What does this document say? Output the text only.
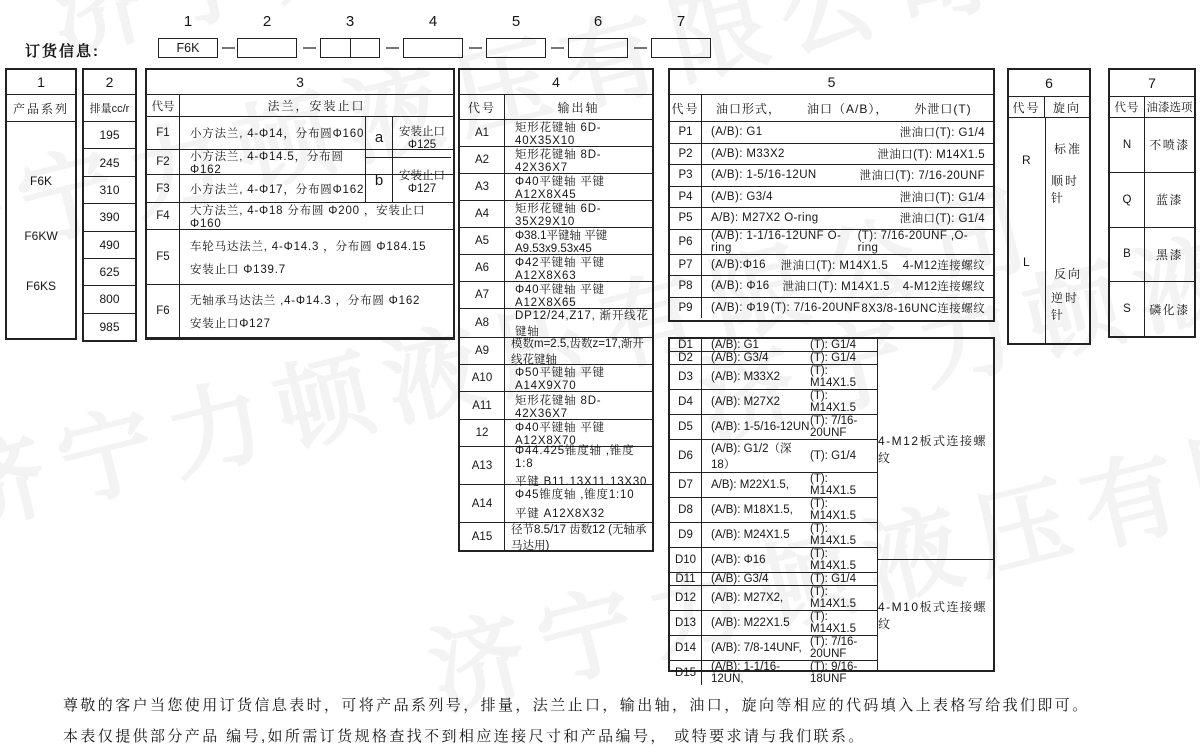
订货信息:
1	2	3	4	5	6	7
F6K
1
产品系列
F6K
F6KW
F6KS
2
排量cc/r
195
245
310
390
490
625
800
985
3
代号	法兰，安装止口
F1	小方法兰, 4-Φ14，分布圆Φ160
F2	小方法兰, 4-Φ14.5，分布圆Φ162
F3	小方法兰, 4-Φ17，分布圆Φ162
F4	大方法兰, 4-Φ18 分布圆 Φ200 ，安装止口Φ160
F5
车轮马达法兰, 4-Φ14.3 ，分布圆 Φ184.15
安装止口 Φ139.7
F6
无轴承马达法兰 ,4-Φ14.3 ，分布圆 Φ162
安装止口Φ127
a	安装止口
Φ125
b	安装止口
Φ127
4
代号	输出轴
A1	矩形花键轴 6D-40X35X10
A2	矩形花键轴 8D-42X36X7
A3	Φ40平键轴 平键A12X8X45
A4	矩形花键轴 6D-35X29X10
A5	Φ38.1平键轴 平键A9.53x9.53x45
A6	Φ42平键轴 平键A12X8X63
A7	Φ40平键轴 平键A12X8X65
A8
DP12/24,Z17, 渐开线花键轴
A9
模数m=2.5,齿数z=17,渐开线花键轴
A10	Φ50平键轴 平键A14X9X70
A11	矩形花键轴 8D-42X36X7
12	Φ40平键轴 平键A12X8X70
A13
Φ44.425锥度轴 ,锥度1:8
平键 B11.13X11.13X30
A14
Φ45锥度轴 ,锥度1:10
平键 A12X8X32
A15
径节8.5/17 齿数12 (无轴承马达用)
5
代号	油口形式，      油口（A/B），      外泄口(T)
P1	(A/B): G1	泄油口(T): G1/4
P2	(A/B): M33X2	泄油口(T): M14X1.5
P3	(A/B): 1-5/16-12UN	泄油口(T): 7/16-20UNF
P4	(A/B): G3/4	泄油口(T): G1/4
P5	A/B): M27X2 O-ring	泄油口(T): G1/4
P6	(A/B): 1-1/16-12UNF O-ring
(T): 7/16-20UNF ,O-ring
P7	(A/B):Φ16 泄油口(T): M14X1.5 4-M12连接螺纹
P8	(A/B): Φ16 泄油口(T): M14X1.5 4-M12连接螺纹
P9	(A/B): Φ19 (T): 7/16-20UNF 8X3/8-16UNC连接螺纹
D1	(A/B): G1	(T): G1/4
D2	(A/B): G3/4	(T): G1/4
D3	(A/B): M33X2	(T): M14X1.5
D4	(A/B): M27X2	(T): M14X1.5
D5	(A/B): 1-5/16-12UN (T): 7/16-20UNF
D6
(A/B): G1/2（深18）
(T): G1/4
D7	A/B): M22X1.5,	(T): M14X1.5
D8	(A/B): M18X1.5,	(T): M14X1.5
D9	(A/B): M24X1.5	(T): M14X1.5
D10	(A/B): Φ16	(T): M14X1.5
D11	(A/B): G3/4	(T): G1/4
D12	(A/B): M27X2,	(T): M14X1.5
D13	(A/B): M22X1.5	(T): M14X1.5
D14	(A/B): 7/8-14UNF, (T): 7/16-20UNF
D15	(A/B): 1-1/16-12UN,
(T): 9/16-18UNF
4-M12板式连接螺纹
4-M10板式连接螺纹
6
代号	旋向
R
标准
顺时针
L
反向
逆时针
7
代号 油漆选项
N	不喷漆
Q	蓝漆
B	黑漆
S	磷化漆
尊敬的客户当您使用订货信息表时，可将产品系列号，排量，法兰止口，输出轴，油口，旋向等相应的代码填入上表格写给我们即可。
本表仅提供部分产品 编号,如所需订货规格查找不到相应连接尺寸和产品编号， 或特要求请与我们联系。
